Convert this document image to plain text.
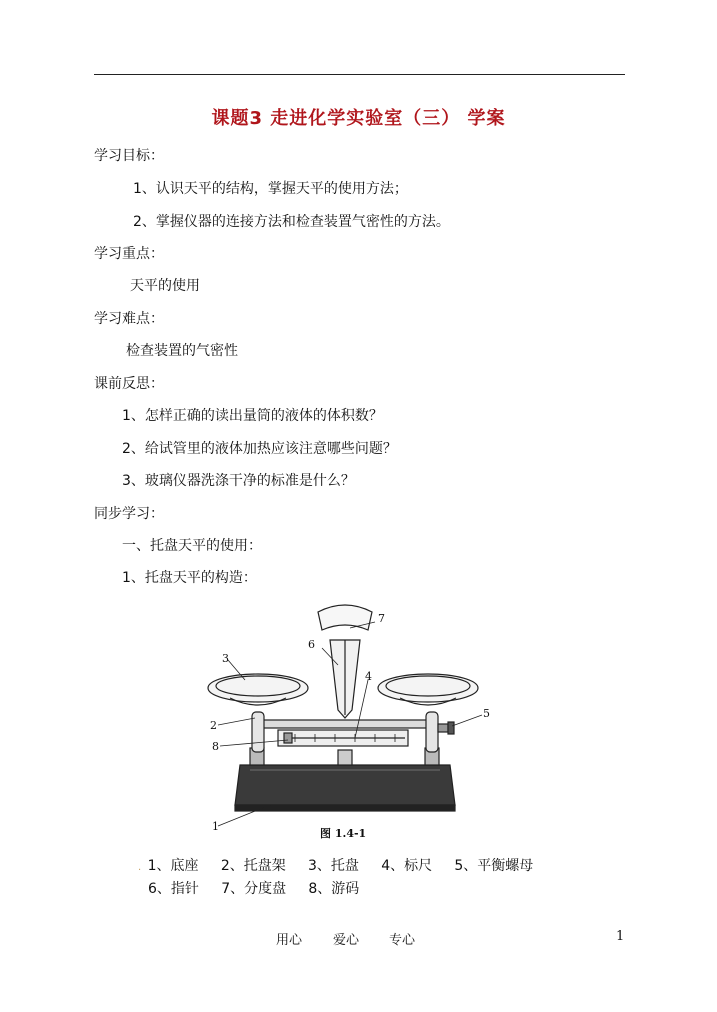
课题3 走进化学实验室（三） 学案
学习目标：
1、认识天平的结构，掌握天平的使用方法；
2、掌握仪器的连接方法和检查装置气密性的方法。
学习重点：
天平的使用
学习难点：
检查装置的气密性
课前反思：
1、怎样正确的读出量筒的液体的体积数？
2、给试管里的液体加热应该注意哪些问题？
3、玻璃仪器洗涤干净的标准是什么？
同步学习：
一、托盘天平的使用：
1、托盘天平的构造：
3
2
8
4
5
6
7
1
图 1.4-1
. 1、底座 2、托盘架 3、托盘 4、标尺 5、平衡螺母
6、指针 7、分度盘 8、游码
用心 爱心 专心	1
